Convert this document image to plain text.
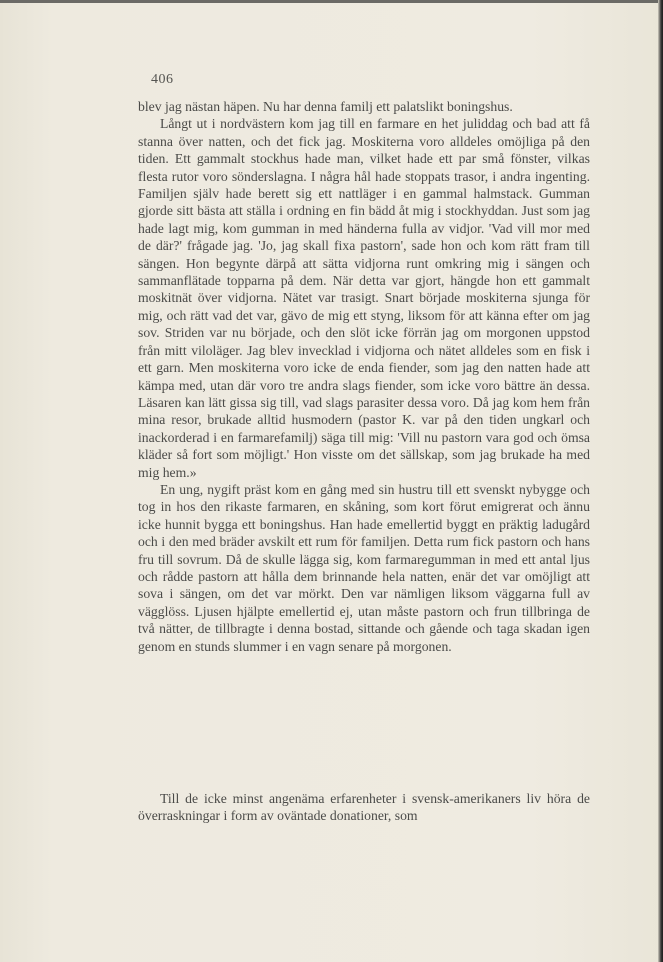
406

blev jag nästan häpen. Nu har denna familj ett palatslikt boningshus.

Långt ut i nordvästern kom jag till en farmare en het juliddag och bad att få stanna över natten, och det fick jag. Moskiterna voro alldeles omöjliga på den tiden. Ett gammalt stockhus hade man, vilket hade ett par små fönster, vilkas flesta rutor voro sönderslagna. I några hål hade stoppats trasor, i andra ingenting. Familjen själv hade berett sig ett nattläger i en gammal halmstack. Gumman gjorde sitt bästa att ställa i ordning en fin bädd åt mig i stockhyddan. Just som jag hade lagt mig, kom gumman in med händerna fulla av vidjor. 'Vad vill mor med de där?' frågade jag. 'Jo, jag skall fixa pastorn', sade hon och kom rätt fram till sängen. Hon begynte därpå att sätta vidjorna runt omkring mig i sängen och sammanflätade topparna på dem. När detta var gjort, hängde hon ett gammalt moskitnät över vidjorna. Nätet var trasigt. Snart började moskiterna sjunga för mig, och rätt vad det var, gävo de mig ett styng, liksom för att känna efter om jag sov. Striden var nu började, och den slöt icke förrän jag om morgonen uppstod från mitt viloläger. Jag blev invecklad i vidjorna och nätet alldeles som en fisk i ett garn. Men moskiterna voro icke de enda fiender, som jag den natten hade att kämpa med, utan där voro tre andra slags fiender, som icke voro bättre än dessa. Läsaren kan lätt gissa sig till, vad slags parasiter dessa voro. Då jag kom hem från mina resor, brukade alltid husmodern (pastor K. var på den tiden ungkarl och inackorderad i en farmarefamilj) säga till mig: 'Vill nu pastorn vara god och ömsa kläder så fort som möjligt.' Hon visste om det sällskap, som jag brukade ha med mig hem.»

En ung, nygift präst kom en gång med sin hustru till ett svenskt nybygge och tog in hos den rikaste farmaren, en skåning, som kort förut emigrerat och ännu icke hunnit bygga ett boningshus. Han hade emellertid byggt en präktig ladugård och i den med bräder avskilt ett rum för familjen. Detta rum fick pastorn och hans fru till sovrum. Då de skulle lägga sig, kom farmaregumman in med ett antal ljus och rådde pastorn att hålla dem brinnande hela natten, enär det var omöjligt att sova i sängen, om det var mörkt. Den var nämligen liksom väggarna full av vägglöss. Ljusen hjälpte emellertid ej, utan måste pastorn och frun tillbringa de två nätter, de tillbragte i denna bostad, sittande och gående och taga skadan igen genom en stunds slummer i en vagn senare på morgonen.

Till de icke minst angenäma erfarenheter i svensk-amerikaners liv höra de överraskningar i form av oväntade donationer, som
